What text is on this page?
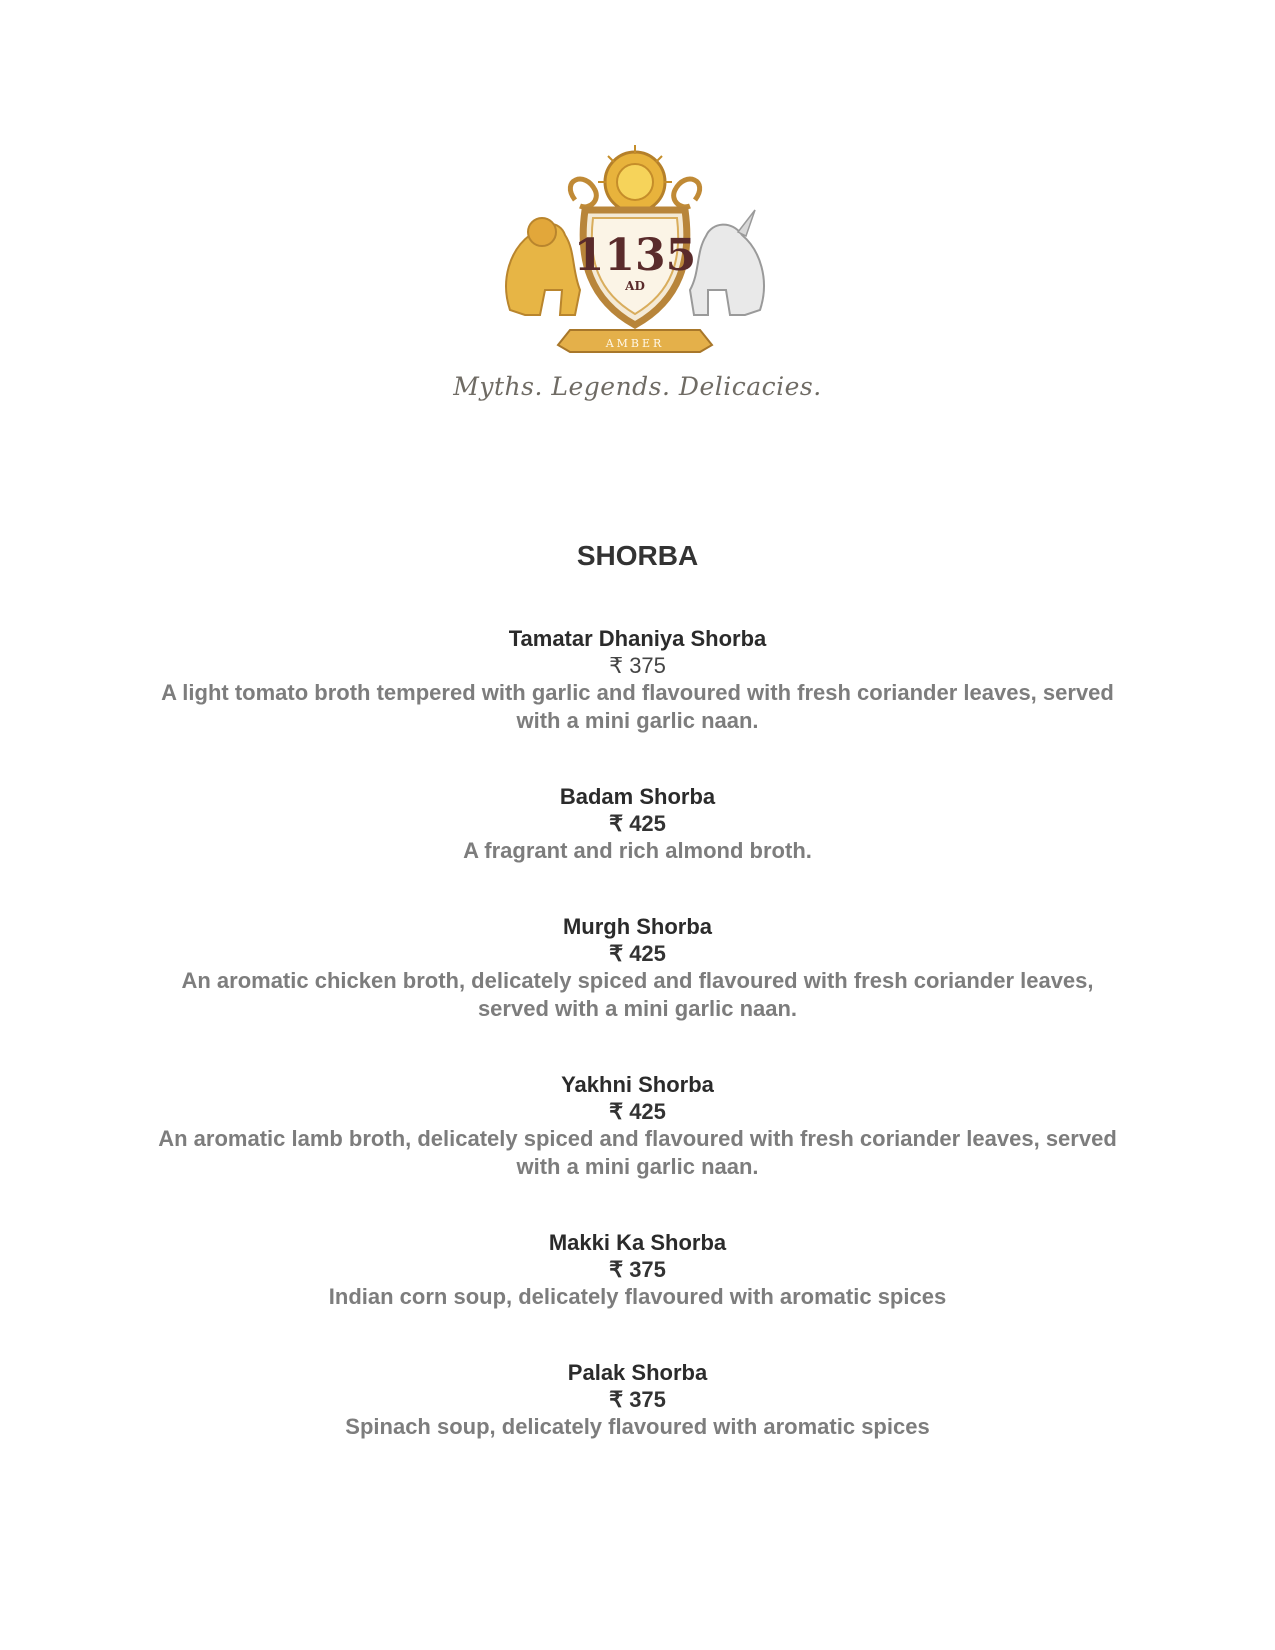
AMBER
1135
AD
Myths. Legends. Delicacies.
SHORBA
Tamatar Dhaniya Shorba
₹ 375
A light tomato broth tempered with garlic and flavoured with fresh coriander leaves, served with a mini garlic naan.
Badam Shorba
₹ 425
A fragrant and rich almond broth.
Murgh Shorba
₹ 425
An aromatic chicken broth, delicately spiced and flavoured with fresh coriander leaves, served with a mini garlic naan.
Yakhni Shorba
₹ 425
An aromatic lamb broth, delicately spiced and flavoured with fresh coriander leaves, served with a mini garlic naan.
Makki Ka Shorba
₹ 375
Indian corn soup, delicately flavoured with aromatic spices
Palak Shorba
₹ 375
Spinach soup, delicately flavoured with aromatic spices
